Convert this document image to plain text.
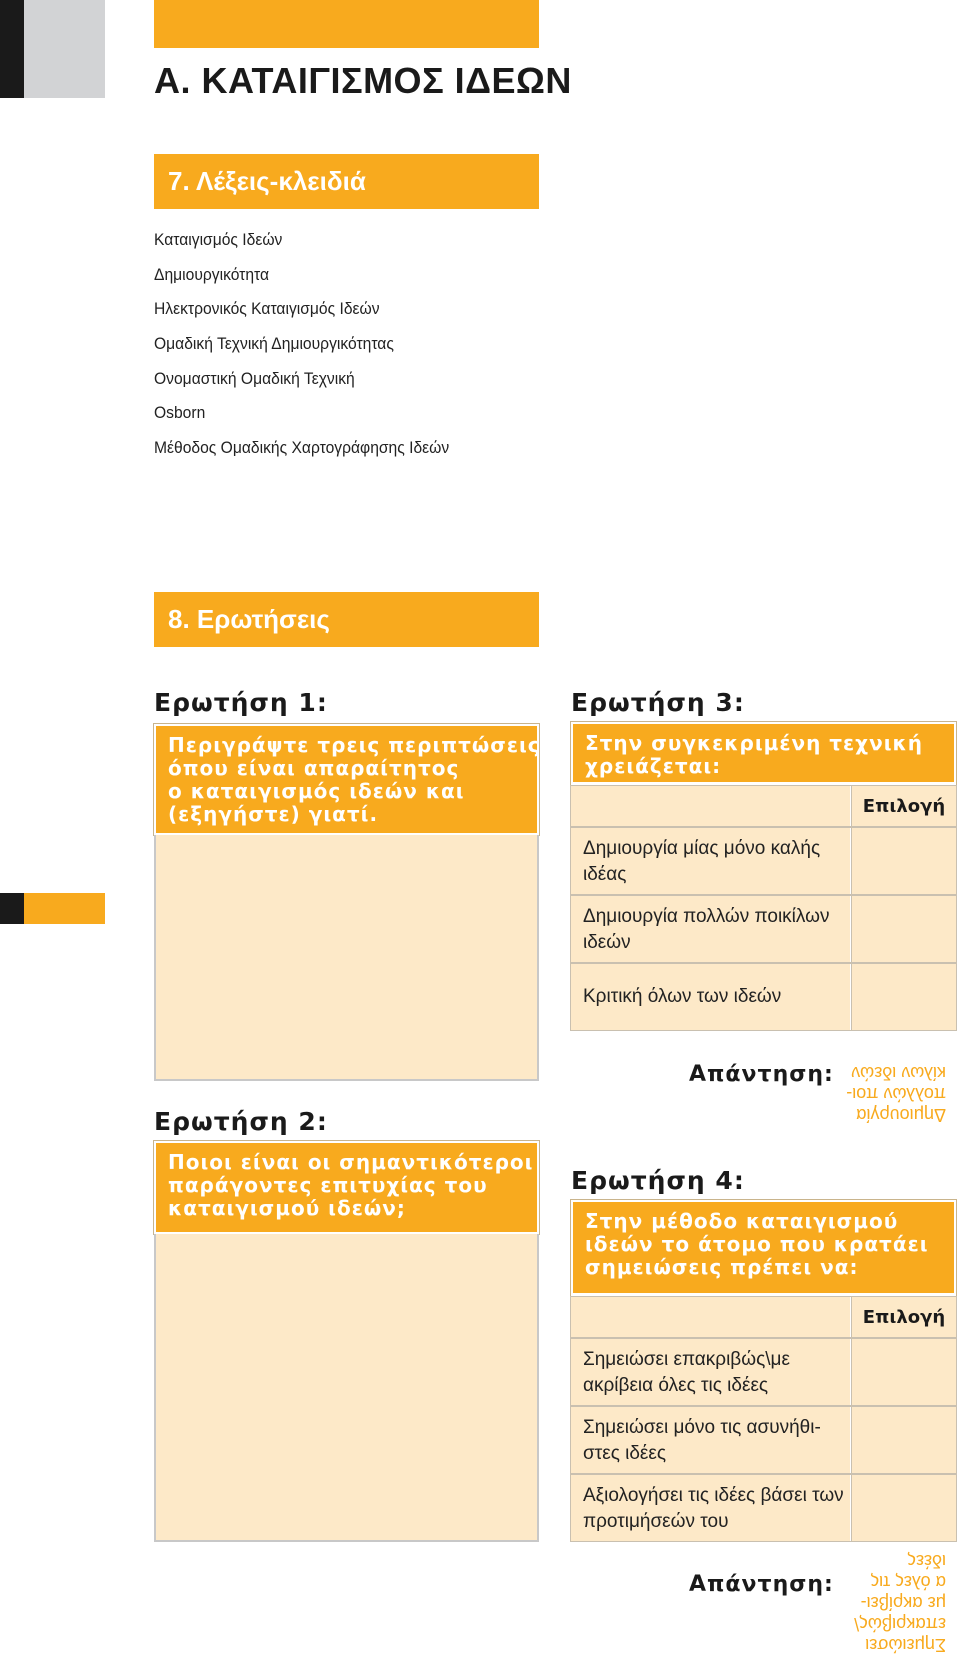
Α. ΚΑΤΑΙΓΙΣΜΟΣ ΙΔΕΩΝ
7. Λέξεις-κλειδιά
Καταιγισμός Ιδεών
Δημιουργικότητα
Ηλεκτρονικός Καταιγισμός Ιδεών
Ομαδική Τεχνική Δημιουργικότητας
Ονομαστική Ομαδική Τεχνική
Osborn
Μέθοδος Ομαδικής Χαρτογράφησης Ιδεών
8. Ερωτήσεις
Ερωτήση 1:
Περιγράψτε τρεις περιπτώσεις
όπου είναι απαραίτητος
ο καταιγισμός ιδεών και
(εξηγήστε) γιατί.
Ερωτήση 2:
Ποιοι είναι οι σημαντικότεροι
παράγοντες επιτυχίας του
καταιγισμού ιδεών;
Ερωτήση 3:
Στην συγκεκριμένη τεχνική
χρειάζεται:
Επιλογή
Δημιουργία μίας μόνο καλής ιδέας
Δημιουργία πολλών ποικίλων ιδεών
Κριτική όλων των ιδεών
Απάντηση:
Δημιουργία
πολλών ποι-
κίλων ιδεών
Ερωτήση 4:
Στην μέθοδο καταιγισμού
ιδεών το άτομο που κρατάει
σημειώσεις πρέπει να:
Επιλογή
Σημειώσει επακριβώς\με ακρίβεια όλες τις ιδέες
Σημειώσει μόνο τις ασυνήθι-στες ιδέες
Αξιολογήσει τις ιδέες βάσει των προτιμήσεών του
Απάντηση:
Σημειώσει
επακριβώς\
με ακρίβει-
α όλες τις
ιδέες
